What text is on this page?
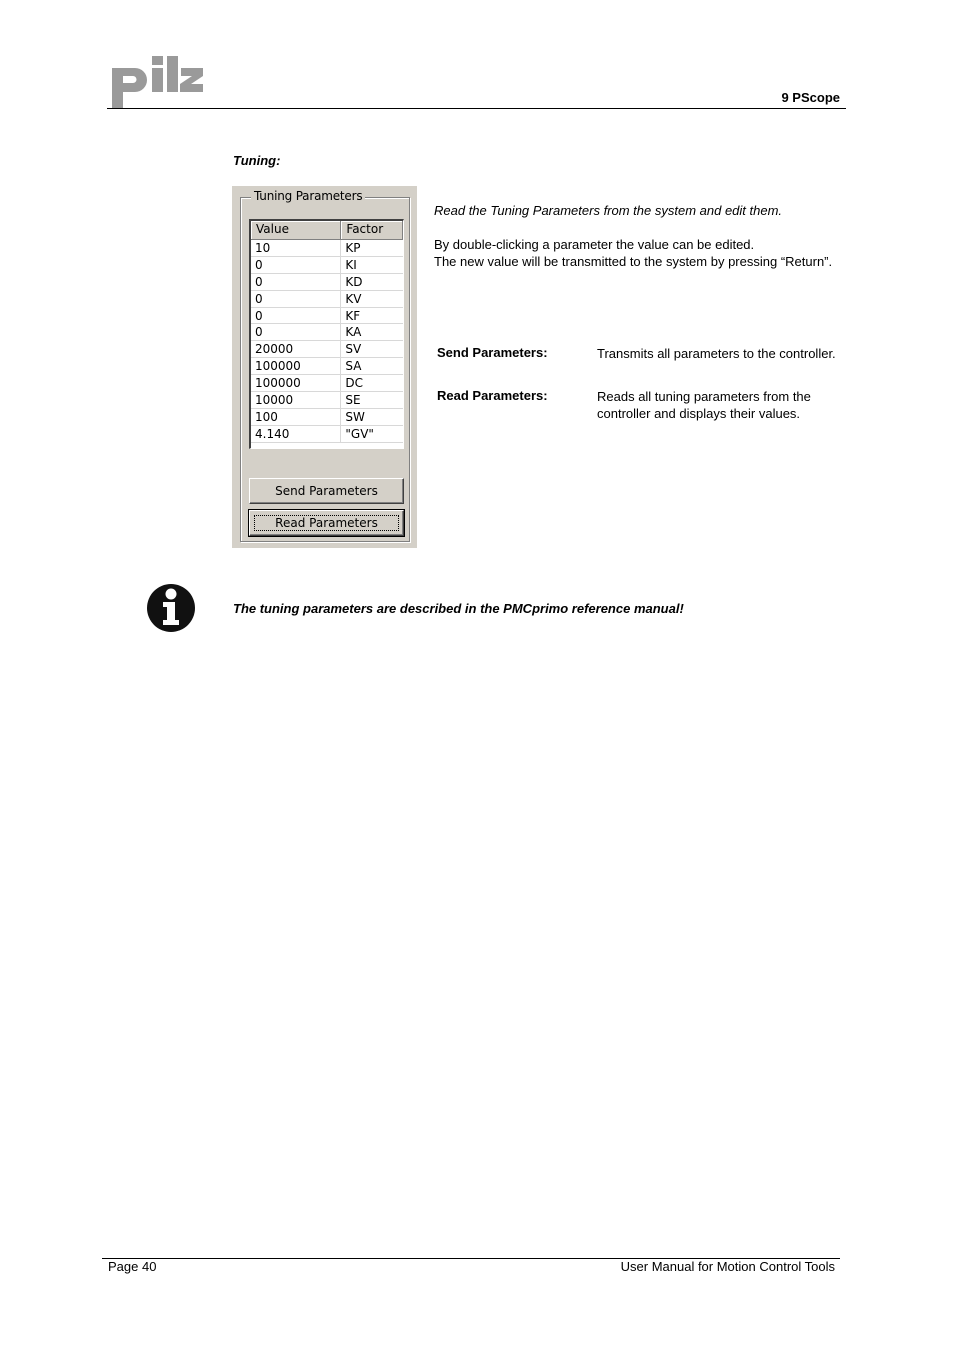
9 PScope
Tuning:
Tuning Parameters
Value	Factor
10	KP
0	KI
0	KD
0	KV
0	KF
0	KA
20000	SV
100000	SA
100000	DC
10000	SE
100	SW
4.140	"GV"
Send Parameters
Read Parameters
Read the Tuning Parameters from the system and edit them.
By double-clicking a parameter the value can be edited.
The new value will be transmitted to the system by pressing “Return”.
Send Parameters:	Transmits all parameters to the controller.
Read Parameters:	Reads all tuning parameters from the controller and displays their values.
The tuning parameters are described in the PMCprimo reference manual!
Page 40	User Manual for Motion Control Tools
